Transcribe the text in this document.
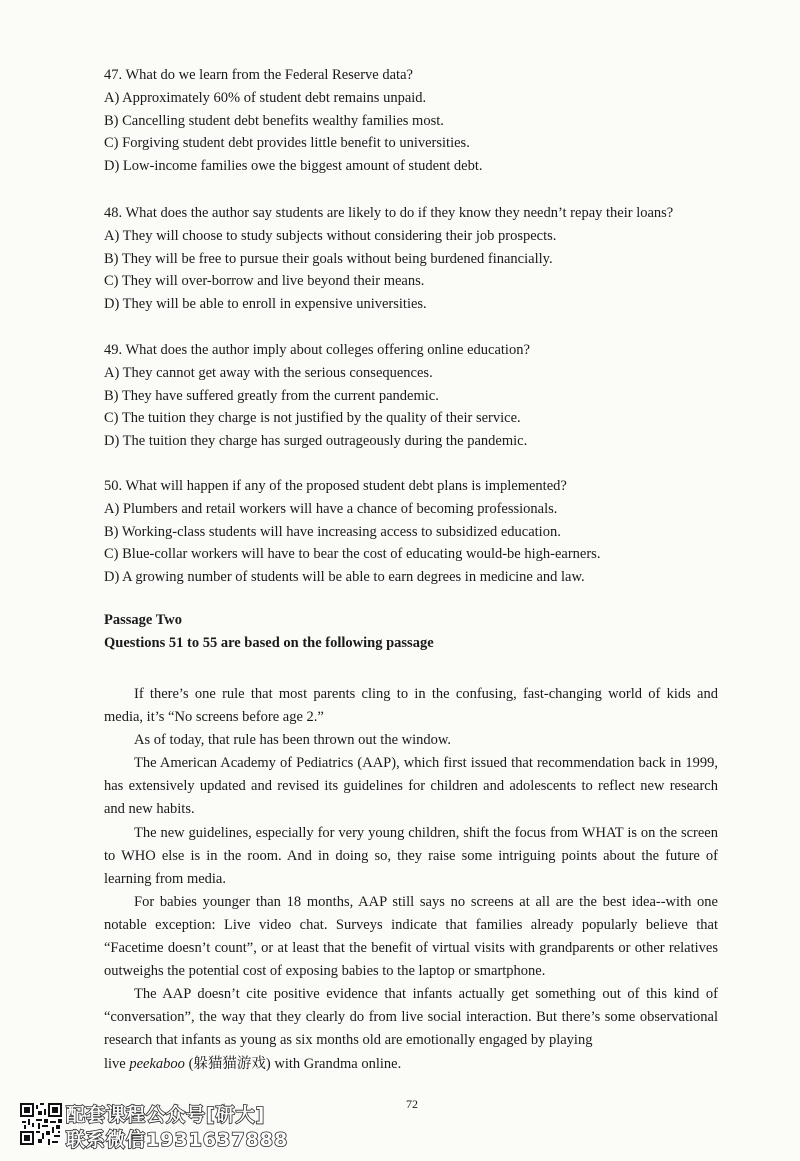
47. What do we learn from the Federal Reserve data?
A) Approximately 60% of student debt remains unpaid.
B) Cancelling student debt benefits wealthy families most.
C) Forgiving student debt provides little benefit to universities.
D) Low-income families owe the biggest amount of student debt.
48. What does the author say students are likely to do if they know they needn’t repay their loans?
A) They will choose to study subjects without considering their job prospects.
B) They will be free to pursue their goals without being burdened financially.
C) They will over-borrow and live beyond their means.
D) They will be able to enroll in expensive universities.
49. What does the author imply about colleges offering online education?
A) They cannot get away with the serious consequences.
B) They have suffered greatly from the current pandemic.
C) The tuition they charge is not justified by the quality of their service.
D) The tuition they charge has surged outrageously during the pandemic.
50. What will happen if any of the proposed student debt plans is implemented?
A) Plumbers and retail workers will have a chance of becoming professionals.
B) Working-class students will have increasing access to subsidized education.
C) Blue-collar workers will have to bear the cost of educating would-be high-earners.
D) A growing number of students will be able to earn degrees in medicine and law.
Passage Two
Questions 51 to 55 are based on the following passage

If there’s one rule that most parents cling to in the confusing, fast-changing world of kids and media, it’s “No screens before age 2.”

As of today, that rule has been thrown out the window.

The American Academy of Pediatrics (AAP), which first issued that recommendation back in 1999, has extensively updated and revised its guidelines for children and adolescents to reflect new research and new habits.

The new guidelines, especially for very young children, shift the focus from WHAT is on the screen to WHO else is in the room. And in doing so, they raise some intriguing points about the future of learning from media.

For babies younger than 18 months, AAP still says no screens at all are the best idea--with one notable exception: Live video chat. Surveys indicate that families already popularly believe that “Facetime doesn’t count”, or at least that the benefit of virtual visits with grandparents or other relatives outweighs the potential cost of exposing babies to the laptop or smartphone.

The AAP doesn’t cite positive evidence that infants actually get something out of this kind of “conversation”, the way that they clearly do from live social interaction. But there’s some observational research that infants as young as six months old are emotionally engaged by playing

live peekaboo (躲猫猫游戏) with Grandma online.

72
配套课程公众号[研大]
联系微信1931637888
